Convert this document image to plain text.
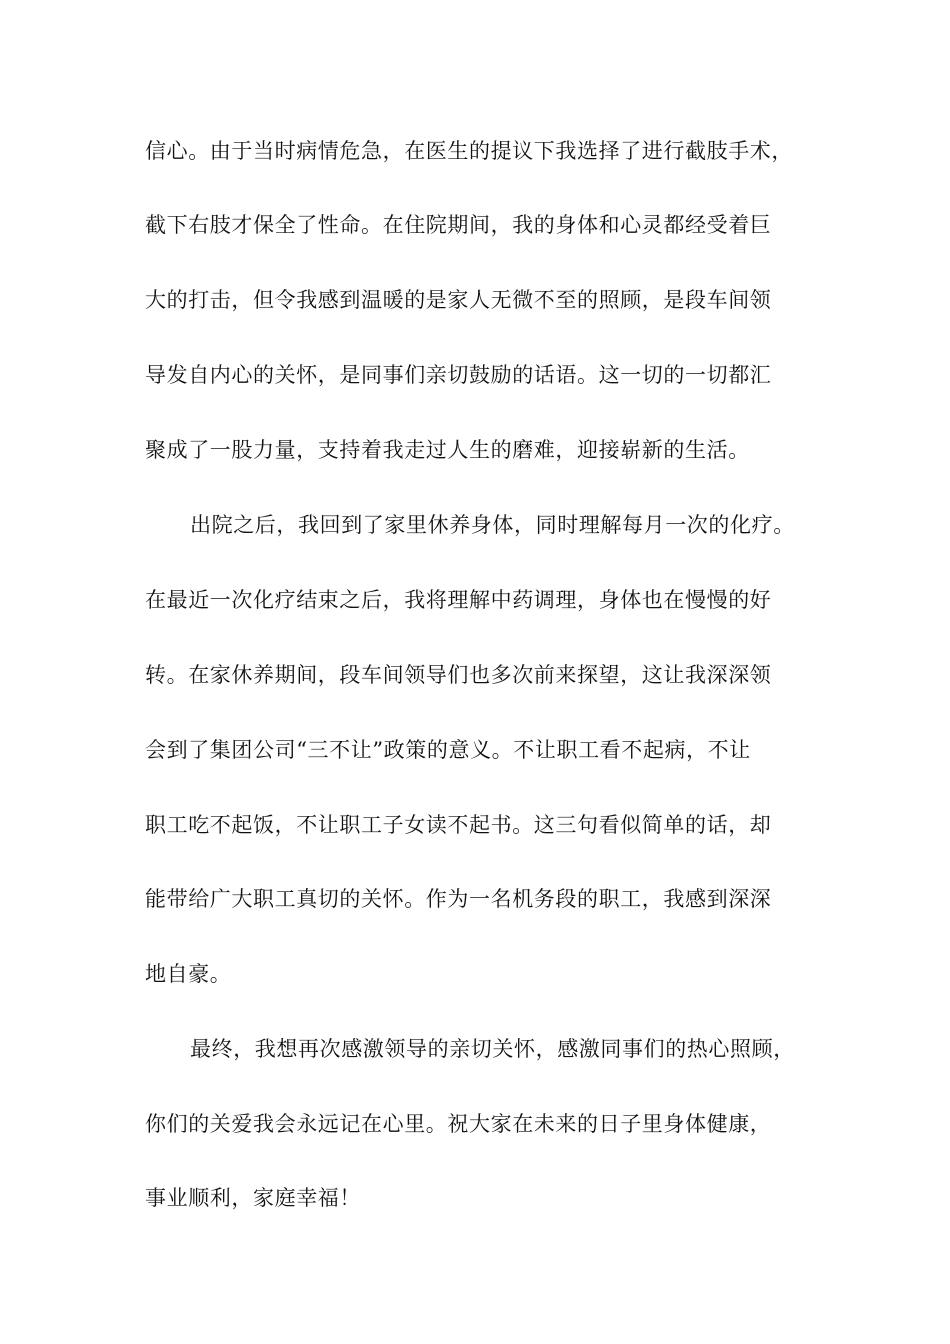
信心。由于当时病情危急，在医生的提议下我选择了进行截肢手术，
截下右肢才保全了性命。在住院期间，我的身体和心灵都经受着巨
大的打击，但令我感到温暖的是家人无微不至的照顾，是段车间领
导发自内心的关怀，是同事们亲切鼓励的话语。这一切的一切都汇
聚成了一股力量，支持着我走过人生的磨难，迎接崭新的生活。
出院之后，我回到了家里休养身体，同时理解每月一次的化疗。
在最近一次化疗结束之后，我将理解中药调理，身体也在慢慢的好
转。在家休养期间，段车间领导们也多次前来探望，这让我深深领
会到了集团公司“三不让”政策的意义。不让职工看不起病，不让
职工吃不起饭，不让职工子女读不起书。这三句看似简单的话，却
能带给广大职工真切的关怀。作为一名机务段的职工，我感到深深
地自豪。
最终，我想再次感激领导的亲切关怀，感激同事们的热心照顾，
你们的关爱我会永远记在心里。祝大家在未来的日子里身体健康，
事业顺利，家庭幸福！
